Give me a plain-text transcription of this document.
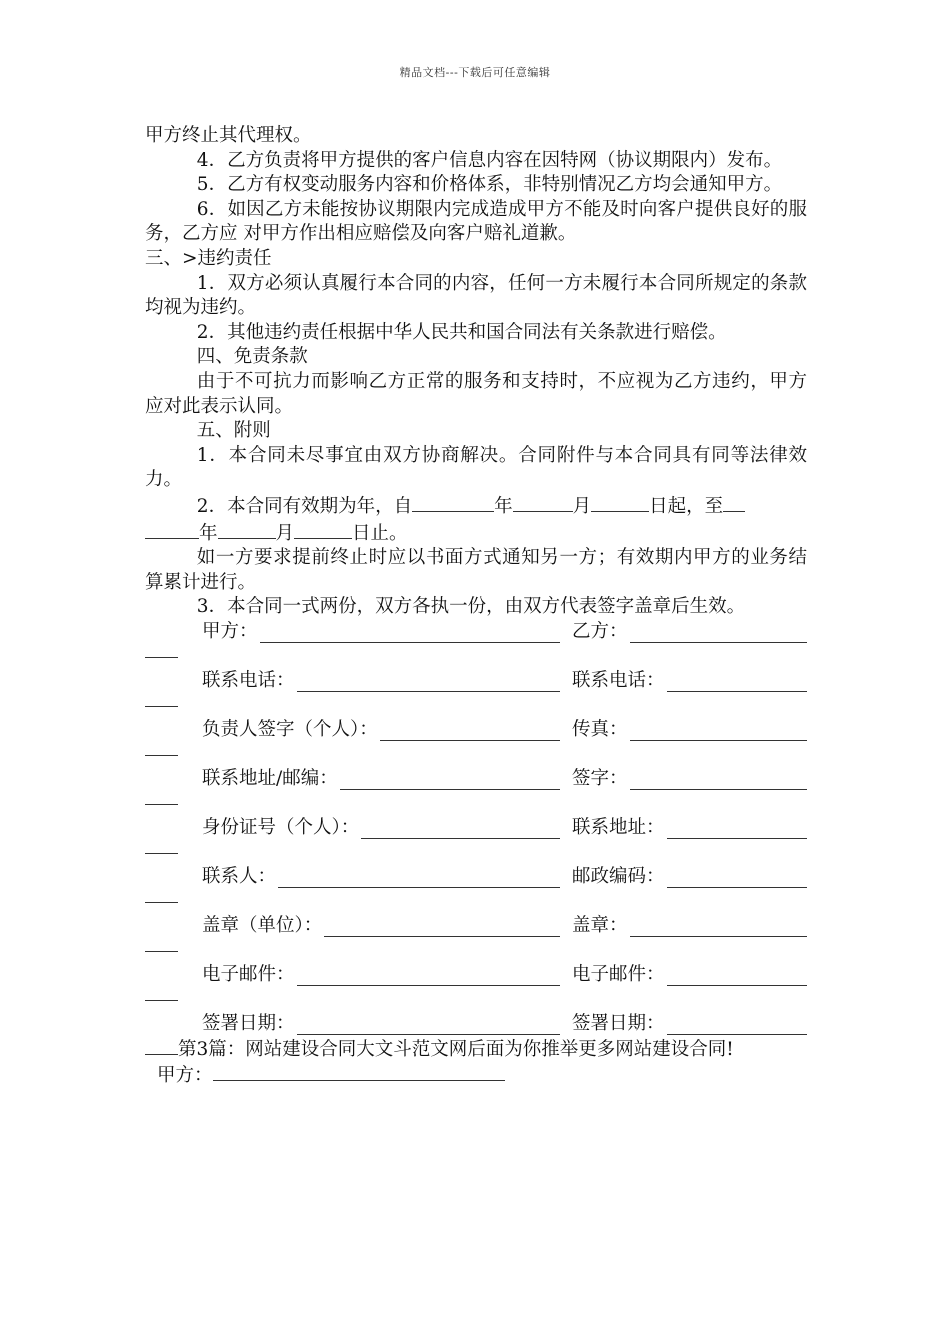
精品文档---下载后可任意编辑

甲方终止其代理权。

4．乙方负责将甲方提供的客户信息内容在因特网（协议期限内）发布。

5．乙方有权变动服务内容和价格体系，非特别情况乙方均会通知甲方。

6．如因乙方未能按协议期限内完成造成甲方不能及时向客户提供良好的服务，乙方应 对甲方作出相应赔偿及向客户赔礼道歉。

三、>违约责任

1．双方必须认真履行本合同的内容，任何一方未履行本合同所规定的条款均视为违约。

2．其他违约责任根据中华人民共和国合同法有关条款进行赔偿。

四、免责条款

由于不可抗力而影响乙方正常的服务和支持时，不应视为乙方违约，甲方应对此表示认同。

五、附则

1．本合同未尽事宜由双方协商解决。合同附件与本合同具有同等法律效力。

2．本合同有效期为年，自	年	月	日起，至
年	月	日止。

如一方要求提前终止时应以书面方式通知另一方；有效期内甲方的业务结算累计进行。

3．本合同一式两份，双方各执一份，由双方代表签字盖章后生效。

甲方：	乙方：
联系电话：	联系电话：
负责人签字（个人）：	传真：
联系地址/邮编：	签字：
身份证号（个人）：	联系地址：
联系人：	邮政编码：
盖章（单位）：	盖章：
电子邮件：	电子邮件：
签署日期：	签署日期：
第3篇：网站建设合同大文斗范文网后面为你推举更多网站建设合同!
甲方：
